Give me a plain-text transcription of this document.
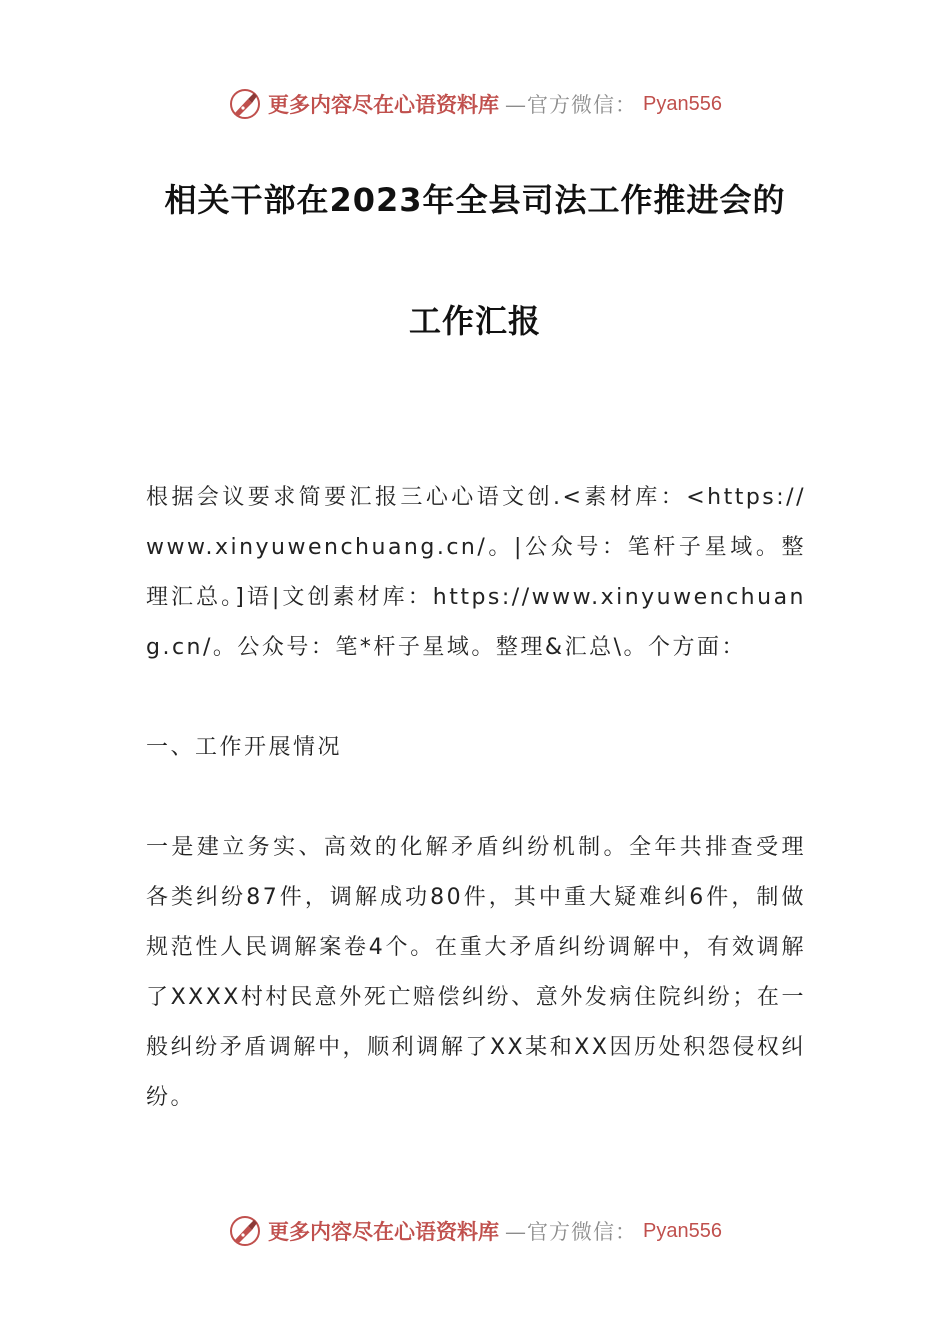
更多内容尽在心语资料库 —官方微信： Pyan556
相关干部在2023年全县司法工作推进会的
工作汇报
根据会议要求简要汇报三心心语文创.<素材库：<https://www.xinyuwenchuang.cn/。|公众号：笔杆子星域。整理汇总。]语|文创素材库：https://www.xinyuwenchuang.cn/。公众号：笔*杆子星域。整理&汇总\。个方面：
一、工作开展情况
一是建立务实、高效的化解矛盾纠纷机制。全年共排查受理各类纠纷87件，调解成功80件，其中重大疑难纠6件，制做规范性人民调解案卷4个。在重大矛盾纠纷调解中，有效调解了XXXX村村民意外死亡赔偿纠纷、意外发病住院纠纷；在一般纠纷矛盾调解中，顺利调解了XX某和XX因历处积怨侵权纠纷。
更多内容尽在心语资料库 —官方微信： Pyan556
